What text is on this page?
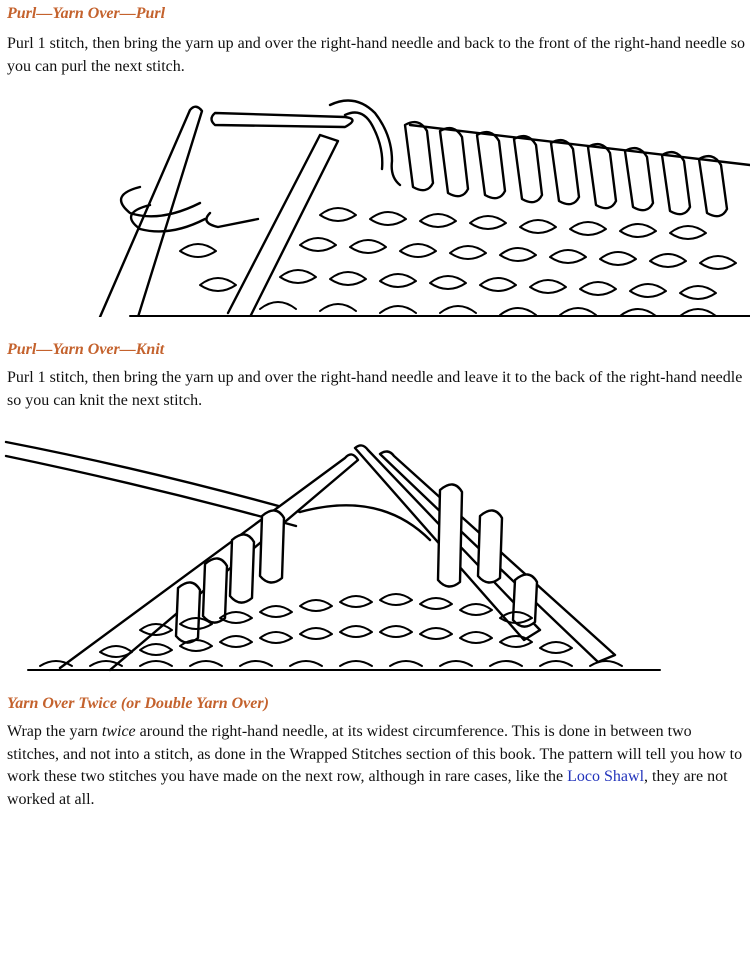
Purl—Yarn Over—Purl

Purl 1 stitch, then bring the yarn up and over the right-hand needle and back to the front of the right-hand needle so you can purl the next stitch.

Purl—Yarn Over—Knit

Purl 1 stitch, then bring the yarn up and over the right-hand needle and leave it to the back of the right-hand needle so you can knit the next stitch.

Yarn Over Twice (or Double Yarn Over)

Wrap the yarn twice around the right-hand needle, at its widest circumference. This is done in between two stitches, and not into a stitch, as done in the Wrapped Stitches section of this book. The pattern will tell you how to work these two stitches you have made on the next row, although in rare cases, like the Loco Shawl, they are not worked at all.
